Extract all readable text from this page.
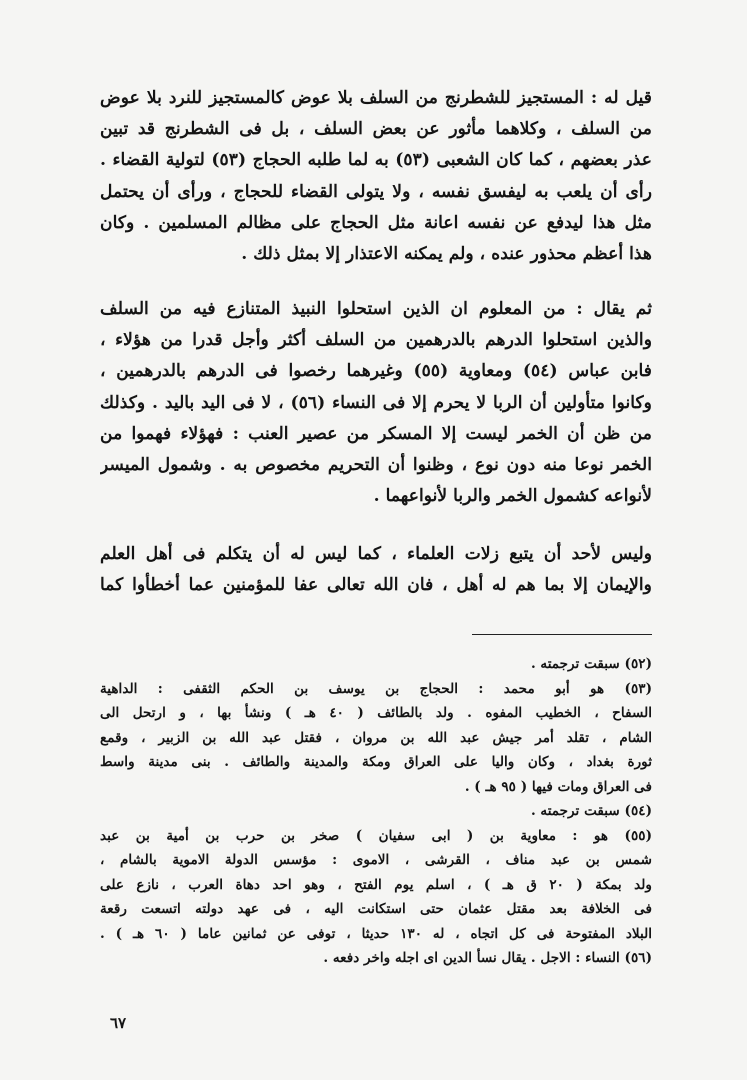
قيل له : المستجيز للشطرنج من السلف بلا عوض كالمستجيز للنرد بلا عوض
من السلف ، وكلاهما مأثور عن بعض السلف ، بل فى الشطرنج قد تبين
عذر بعضهم ، كما كان الشعبى (٥٣) به لما طلبه الحجاج (٥٣) لتولية القضاء .
رأى أن يلعب به ليفسق نفسه ، ولا يتولى القضاء للحجاج ، ورأى أن يحتمل
مثل هذا ليدفع عن نفسه اعانة مثل الحجاج على مظالم المسلمين . وكان
هذا أعظم محذور عنده ، ولم يمكنه الاعتذار إلا بمثل ذلك .
ثم يقال : من المعلوم ان الذين استحلوا النبيذ المتنازع فيه من السلف
والذين استحلوا الدرهم بالدرهمين من السلف أكثر وأجل قدرا من هؤلاء ،
فابن عباس (٥٤) ومعاوية (٥٥) وغيرهما رخصوا فى الدرهم بالدرهمين ،
وكانوا متأولين أن الربا لا يحرم إلا فى النساء (٥٦) ، لا فى اليد باليد . وكذلك
من ظن أن الخمر ليست إلا المسكر من عصير العنب : فهؤلاء فهموا من
الخمر نوعا منه دون نوع ، وظنوا أن التحريم مخصوص به . وشمول الميسر
لأنواعه كشمول الخمر والربا لأنواعهما .
وليس لأحد أن يتبع زلات العلماء ، كما ليس له أن يتكلم فى أهل العلم
والإيمان إلا بما هم له أهل ، فان الله تعالى عفا للمؤمنين عما أخطأوا كما
(٥٢) سبقت ترجمته .
(٥٣) هو أبو محمد : الحجاج بن يوسف بن الحكم الثقفى : الداهية
السفاح ، الخطيب المفوه . ولد بالطائف ( ٤٠ هـ ) ونشأ بها ، و ارتحل الى
الشام ، تقلد أمر جيش عبد الله بن مروان ، فقتل عبد الله بن الزبير ، وقمع
ثورة بغداد ، وكان واليا على العراق ومكة والمدينة والطائف . بنى مدينة واسط
فى العراق ومات فيها ( ٩٥ هـ ) .
(٥٤) سبقت ترجمته .
(٥٥) هو : معاوية بن ( ابى سفيان ) صخر بن حرب بن أمية بن عبد
شمس بن عبد مناف ، القرشى ، الاموى : مؤسس الدولة الاموية بالشام ،
ولد بمكة ( ٢٠ ق هـ ) ، اسلم يوم الفتح ، وهو احد دهاة العرب ، نازع على
فى الخلافة بعد مقتل عثمان حتى استكانت اليه ، فى عهد دولته اتسعت رقعة
البلاد المفتوحة فى كل اتجاه ، له ١٣٠ حديثا ، توفى عن ثمانين عاما ( ٦٠ هـ ) .
(٥٦) النساء : الاجل . يقال نسأ الدين اى اجله واخر دفعه .
٦٧
